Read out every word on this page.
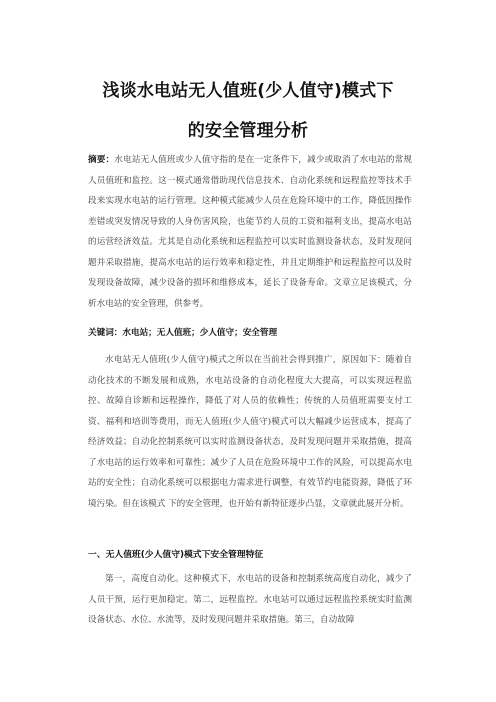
浅谈水电站无人值班(少人值守)模式下
的安全管理分析
摘要：水电站无人值班或少人值守指的是在一定条件下，减少或取消了水电站的常规人员值班和监控。这一模式通常借助现代信息技术、自动化系统和远程监控等技术手段来实现水电站的运行管理。这种模式能减少人员在危险环境中的工作，降低因操作差错或突发情况导致的人身伤害风险，也能节约人员的工资和福利支出，提高水电站的运营经济效益。尤其是自动化系统和远程监控可以实时监测设备状态，及时发现问题并采取措施，提高水电站的运行效率和稳定性，并且定期维护和远程监控可以及时发现设备故障，减少设备的损坏和维修成本，延长了设备寿命。文章立足该模式，分析水电站的安全管理，供参考。
关键词：水电站；无人值班；少人值守；安全管理
水电站无人值班(少人值守)模式之所以在当前社会得到推广，原因如下：随着自动化技术的不断发展和成熟，水电站设备的自动化程度大大提高，可以实现远程监控、故障自诊断和远程操作，降低了对人员的依赖性；传统的人员值班需要支付工资、福利和培训等费用，而无人值班(少人值守)模式可以大幅减少运营成本，提高了经济效益；自动化控制系统可以实时监测设备状态，及时发现问题并采取措施，提高了水电站的运行效率和可靠性；减少了人员在危险环境中工作的风险，可以提高水电站的安全性；自动化系统可以根据电力需求进行调整，有效节约电能资源，降低了环境污染。但在该模式 下的安全管理，也开始有新特征逐步凸显，文章就此展开分析。
一、无人值班(少人值守)模式下安全管理特征
第一，高度自动化。这种模式下，水电站的设备和控制系统高度自动化，减少了人员干预，运行更加稳定。第二，远程监控。水电站可以通过远程监控系统实时监测设备状态、水位、水流等，及时发现问题并采取措施。第三，自动故障
